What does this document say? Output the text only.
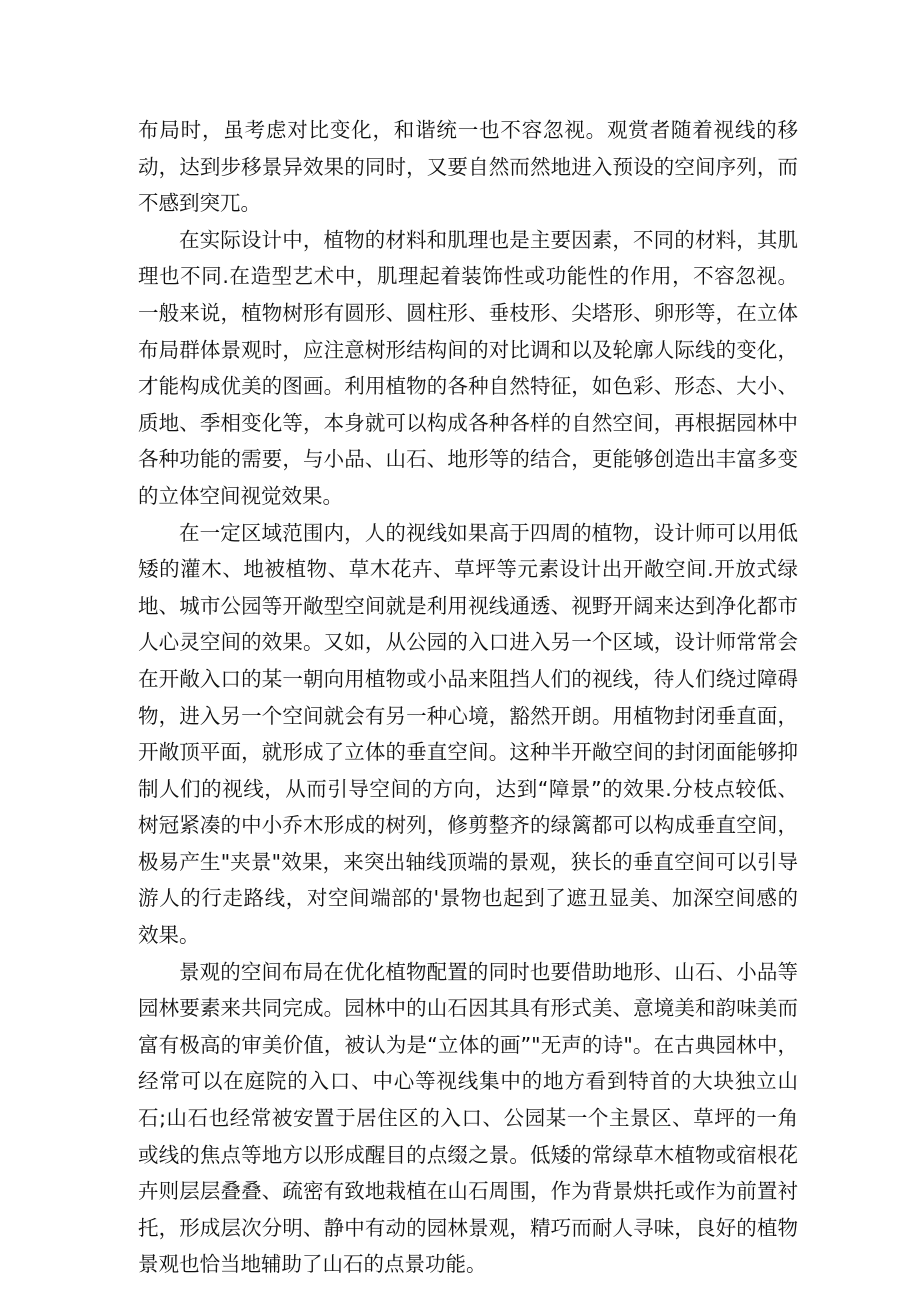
布局时，虽考虑对比变化，和谐统一也不容忽视。观赏者随着视线的移动，达到步移景异效果的同时，又要自然而然地进入预设的空间序列，而不感到突兀。

在实际设计中，植物的材料和肌理也是主要因素，不同的材料，其肌理也不同.在造型艺术中，肌理起着装饰性或功能性的作用，不容忽视。一般来说，植物树形有圆形、圆柱形、垂枝形、尖塔形、卵形等，在立体布局群体景观时，应注意树形结构间的对比调和以及轮廓人际线的变化，才能构成优美的图画。利用植物的各种自然特征，如色彩、形态、大小、质地、季相变化等，本身就可以构成各种各样的自然空间，再根据园林中各种功能的需要，与小品、山石、地形等的结合，更能够创造出丰富多变的立体空间视觉效果。

在一定区域范围内，人的视线如果高于四周的植物，设计师可以用低矮的灌木、地被植物、草木花卉、草坪等元素设计出开敞空间.开放式绿地、城市公园等开敞型空间就是利用视线通透、视野开阔来达到净化都市人心灵空间的效果。又如，从公园的入口进入另一个区域，设计师常常会在开敞入口的某一朝向用植物或小品来阻挡人们的视线，待人们绕过障碍物，进入另一个空间就会有另一种心境，豁然开朗。用植物封闭垂直面，开敞顶平面，就形成了立体的垂直空间。这种半开敞空间的封闭面能够抑制人们的视线，从而引导空间的方向，达到“障景”的效果.分枝点较低、树冠紧凑的中小乔木形成的树列，修剪整齐的绿篱都可以构成垂直空间，极易产生"夹景"效果，来突出轴线顶端的景观，狭长的垂直空间可以引导游人的行走路线，对空间端部的'景物也起到了遮丑显美、加深空间感的效果。

景观的空间布局在优化植物配置的同时也要借助地形、山石、小品等园林要素来共同完成。园林中的山石因其具有形式美、意境美和韵味美而富有极高的审美价值，被认为是“立体的画”"无声的诗"。在古典园林中，经常可以在庭院的入口、中心等视线集中的地方看到特首的大块独立山石;山石也经常被安置于居住区的入口、公园某一个主景区、草坪的一角或线的焦点等地方以形成醒目的点缀之景。低矮的常绿草木植物或宿根花卉则层层叠叠、疏密有致地栽植在山石周围，作为背景烘托或作为前置衬托，形成层次分明、静中有动的园林景观，精巧而耐人寻味，良好的植物景观也恰当地辅助了山石的点景功能。
